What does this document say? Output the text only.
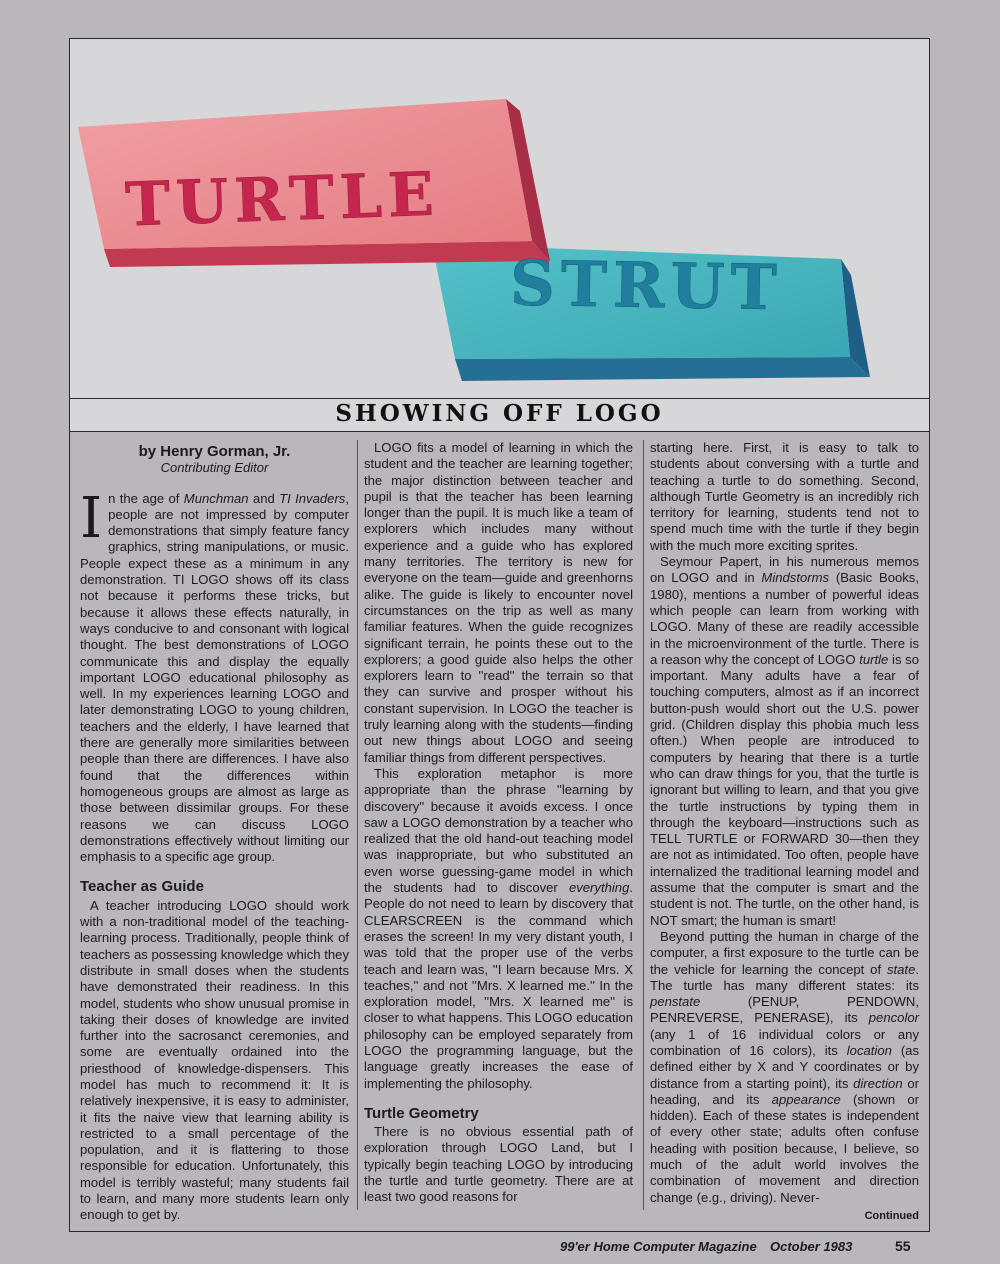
TURTLE
STRUT
SHOWING OFF LOGO
by Henry Gorman, Jr.
Contributing Editor

In the age of Munchman and TI Invaders, people are not impressed by computer demonstrations that simply feature fancy graphics, string manipulations, or music. People expect these as a minimum in any demonstration. TI LOGO shows off its class not because it performs these tricks, but because it allows these effects naturally, in ways conducive to and consonant with logical thought. The best demonstrations of LOGO communicate this and display the equally important LOGO educational philosophy as well. In my experiences learning LOGO and later demonstrating LOGO to young children, teachers and the elderly, I have learned that there are generally more similarities between people than there are differences. I have also found that the differences within homogeneous groups are almost as large as those between dissimilar groups. For these reasons we can discuss LOGO demonstrations effectively without limiting our emphasis to a specific age group.

Teacher as Guide

A teacher introducing LOGO should work with a non-traditional model of the teaching-learning process. Traditionally, people think of teachers as possessing knowledge which they distribute in small doses when the students have demonstrated their readiness. In this model, students who show unusual promise in taking their doses of knowledge are invited further into the sacrosanct ceremonies, and some are eventually ordained into the priesthood of knowledge-dispensers. This model has much to recommend it: It is relatively inexpensive, it is easy to administer, it fits the naive view that learning ability is restricted to a small percentage of the population, and it is flattering to those responsible for education. Unfortunately, this model is terribly wasteful; many students fail to learn, and many more students learn only enough to get by.

LOGO fits a model of learning in which the student and the teacher are learning together; the major distinction between teacher and pupil is that the teacher has been learning longer than the pupil. It is much like a team of explorers which includes many without experience and a guide who has explored many territories. The territory is new for everyone on the team—guide and greenhorns alike. The guide is likely to encounter novel circumstances on the trip as well as many familiar features. When the guide recognizes significant terrain, he points these out to the explorers; a good guide also helps the other explorers learn to ''read'' the terrain so that they can survive and prosper without his constant supervision. In LOGO the teacher is truly learning along with the students—finding out new things about LOGO and seeing familiar things from different perspectives.

This exploration metaphor is more appropriate than the phrase ''learning by discovery'' because it avoids excess. I once saw a LOGO demonstration by a teacher who realized that the old hand-out teaching model was inappropriate, but who substituted an even worse guessing-game model in which the students had to discover everything. People do not need to learn by discovery that CLEARSCREEN is the command which erases the screen! In my very distant youth, I was told that the proper use of the verbs teach and learn was, ''I learn because Mrs. X teaches,'' and not ''Mrs. X learned me.'' In the exploration model, ''Mrs. X learned me'' is closer to what happens. This LOGO education philosophy can be employed separately from LOGO the programming language, but the language greatly increases the ease of implementing the philosophy.

Turtle Geometry

There is no obvious essential path of exploration through LOGO Land, but I typically begin teaching LOGO by introducing the turtle and turtle geometry. There are at least two good reasons for

starting here. First, it is easy to talk to students about conversing with a turtle and teaching a turtle to do something. Second, although Turtle Geometry is an incredibly rich territory for learning, students tend not to spend much time with the turtle if they begin with the much more exciting sprites.

Seymour Papert, in his numerous memos on LOGO and in Mindstorms (Basic Books, 1980), mentions a number of powerful ideas which people can learn from working with LOGO. Many of these are readily accessible in the microenvironment of the turtle. There is a reason why the concept of LOGO turtle is so important. Many adults have a fear of touching computers, almost as if an incorrect button-push would short out the U.S. power grid. (Children display this phobia much less often.) When people are introduced to computers by hearing that there is a turtle who can draw things for you, that the turtle is ignorant but willing to learn, and that you give the turtle instructions by typing them in through the keyboard—instructions such as TELL TURTLE or FORWARD 30—then they are not as intimidated. Too often, people have internalized the traditional learning model and assume that the computer is smart and the student is not. The turtle, on the other hand, is NOT smart; the human is smart!

Beyond putting the human in charge of the computer, a first exposure to the turtle can be the vehicle for learning the concept of state. The turtle has many different states: its penstate (PENUP, PENDOWN, PENREVERSE, PENERASE), its pencolor (any 1 of 16 individual colors or any combination of 16 colors), its location (as defined either by X and Y coordinates or by distance from a starting point), its direction or heading, and its appearance (shown or hidden). Each of these states is independent of every other state; adults often confuse heading with position because, I believe, so much of the adult world involves the combination of movement and direction change (e.g., driving). Never-

Continued
99'er Home Computer Magazine October 1983	55
